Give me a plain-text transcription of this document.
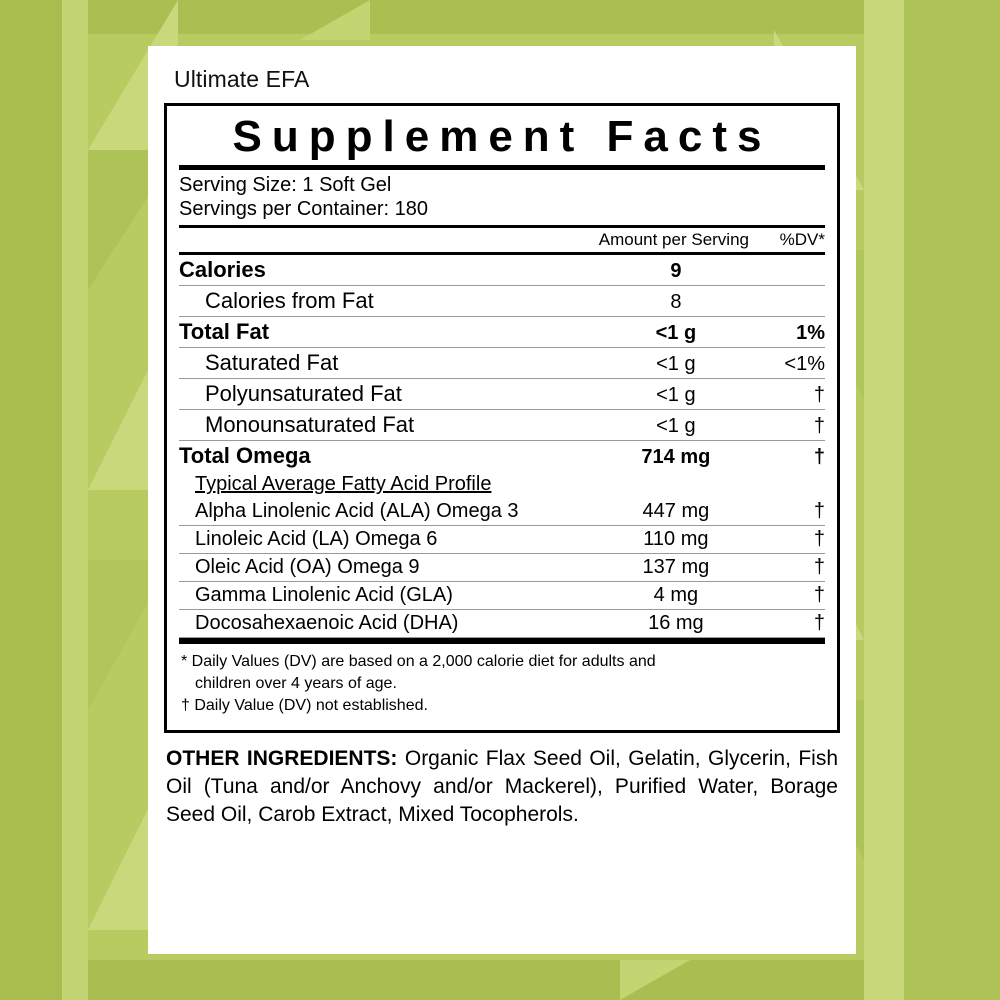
Ultimate EFA
Supplement Facts
Serving Size: 1 Soft Gel
Servings per Container: 180
	Amount per Serving	%DV*
Calories	9	
Calories from Fat	8	
Total Fat	<1 g	1%
Saturated Fat	<1 g	<1%
Polyunsaturated Fat	<1 g	†
Monounsaturated Fat	<1 g	†
Total Omega	714 mg	†
Typical Average Fatty Acid Profile		
Alpha Linolenic Acid (ALA) Omega 3	447 mg	†
Linoleic Acid (LA) Omega 6	110 mg	†
Oleic Acid (OA) Omega 9	137 mg	†
Gamma Linolenic Acid (GLA)	4 mg	†
Docosahexaenoic Acid (DHA)	16 mg	†

* Daily Values (DV) are based on a 2,000 calorie diet for adults and

children over 4 years of age.

† Daily Value (DV) not established.

OTHER INGREDIENTS: Organic Flax Seed Oil, Gelatin, Glycerin, Fish Oil (Tuna and/or Anchovy and/or Mackerel), Purified Water, Borage Seed Oil, Carob Extract, Mixed Tocopherols.
